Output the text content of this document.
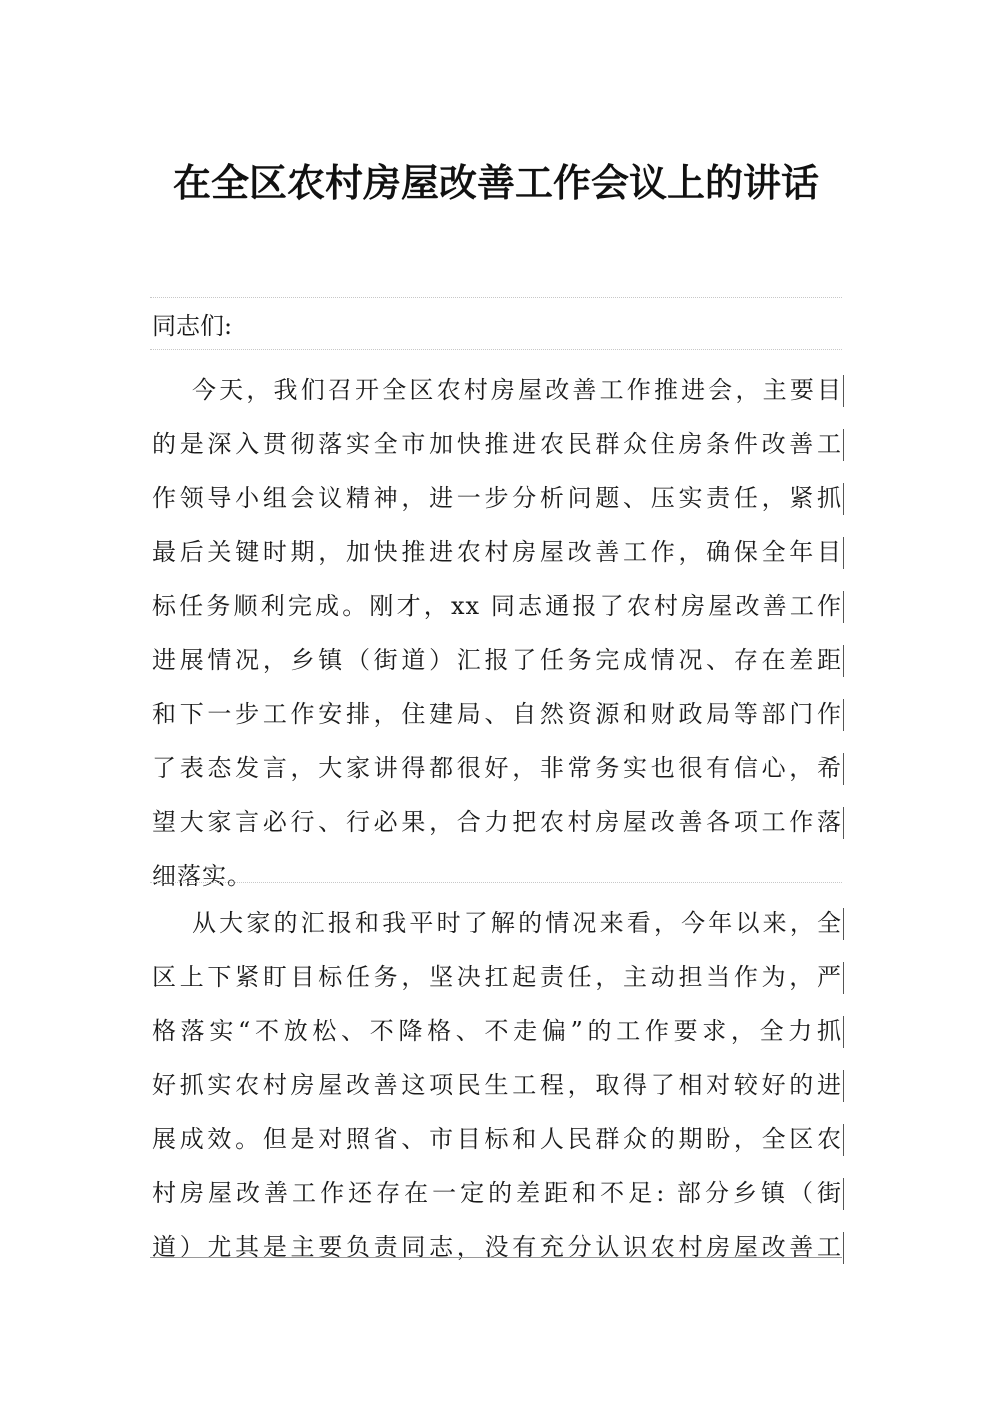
在全区农村房屋改善工作会议上的讲话

同志们:

今天，我们召开全区农村房屋改善工作推进会，主要目
的是深入贯彻落实全市加快推进农民群众住房条件改善工
作领导小组会议精神，进一步分析问题、压实责任，紧抓
最后关键时期，加快推进农村房屋改善工作，确保全年目
标任务顺利完成。刚才，xx 同志通报了农村房屋改善工作
进展情况，乡镇（街道）汇报了任务完成情况、存在差距
和下一步工作安排，住建局、自然资源和财政局等部门作
了表态发言，大家讲得都很好，非常务实也很有信心，希
望大家言必行、行必果，合力把农村房屋改善各项工作落
细落实。
从大家的汇报和我平时了解的情况来看，今年以来，全
区上下紧盯目标任务，坚决扛起责任，主动担当作为，严
格落实“不放松、不降格、不走偏”的工作要求，全力抓
好抓实农村房屋改善这项民生工程，取得了相对较好的进
展成效。但是对照省、市目标和人民群众的期盼，全区农
村房屋改善工作还存在一定的差距和不足: 部分乡镇（街
道）尤其是主要负责同志，没有充分认识农村房屋改善工
